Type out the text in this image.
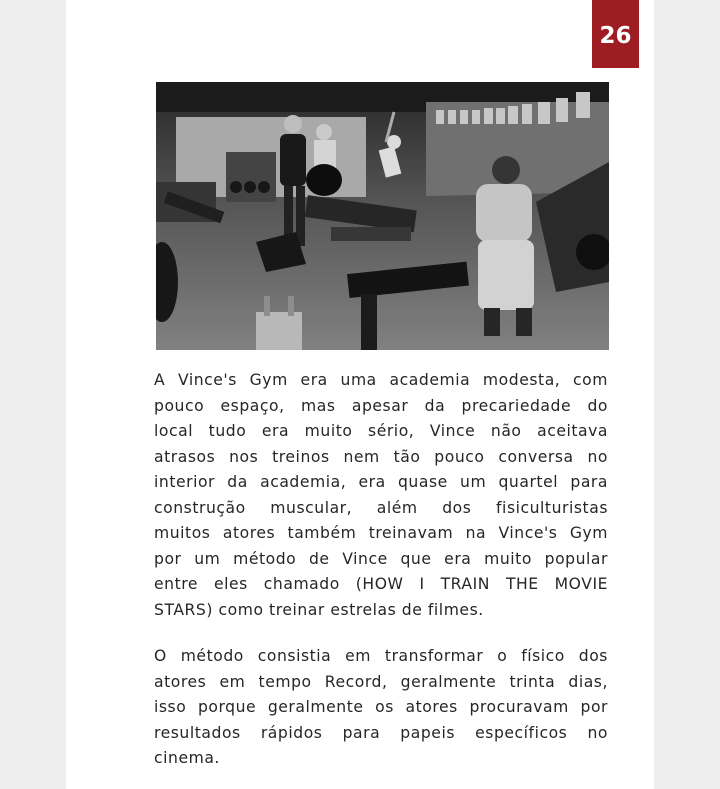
26
A Vince's Gym era uma academia modesta, com
pouco espaço, mas apesar da precariedade do
local tudo era muito sério, Vince não aceitava
atrasos nos treinos nem tão pouco conversa no
interior da academia, era quase um quartel para
construção muscular, além dos fisiculturistas
muitos atores também treinavam na Vince's Gym
por um método de Vince que era muito popular
entre eles chamado (HOW I TRAIN THE MOVIE
STARS) como treinar estrelas de filmes.
O método consistia em transformar o físico dos
atores em tempo Record, geralmente trinta dias,
isso porque geralmente os atores procuravam por
resultados rápidos para papeis específicos no
cinema.
